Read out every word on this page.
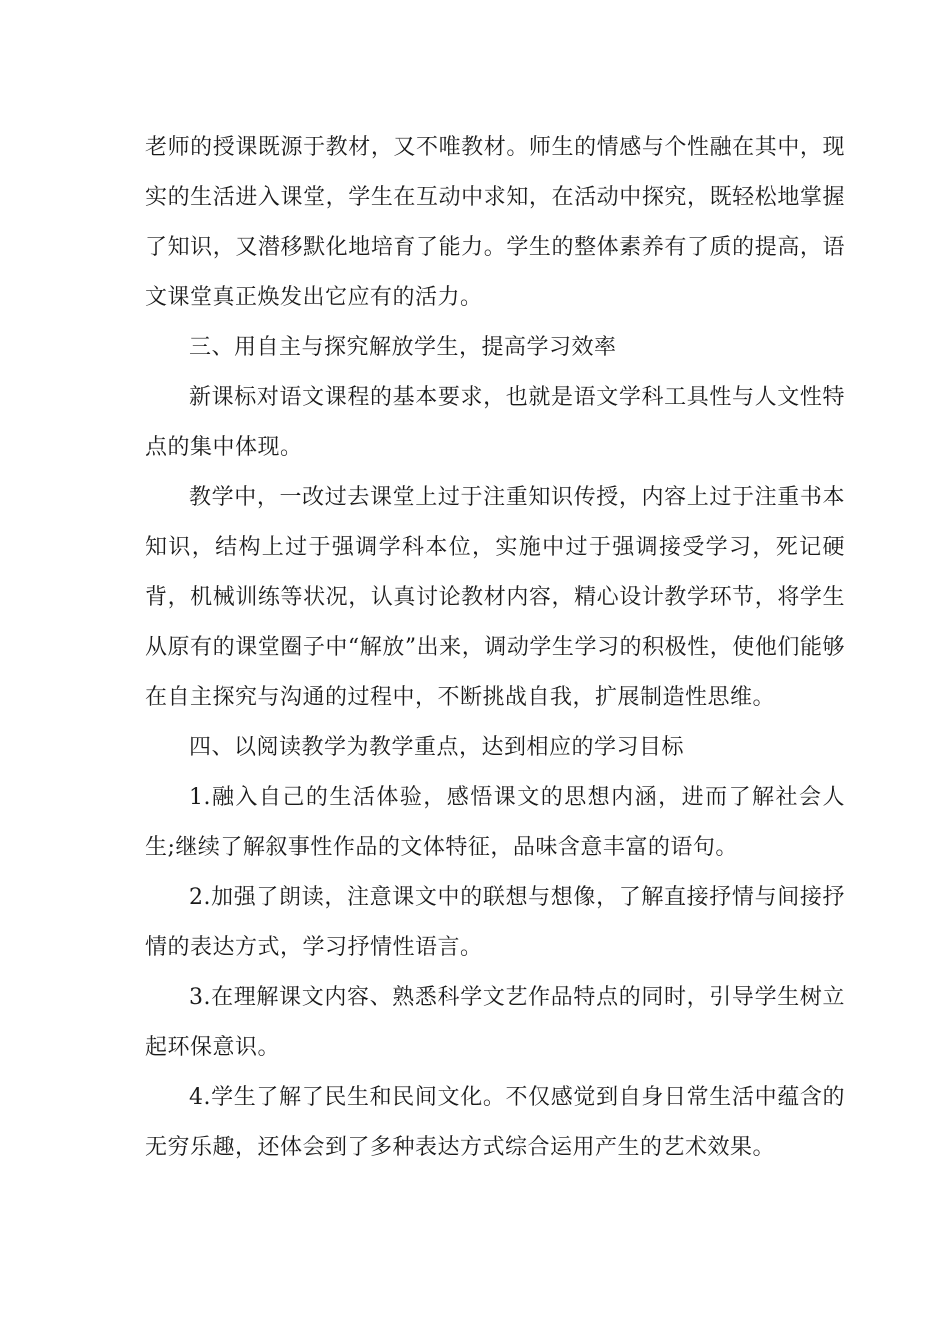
老师的授课既源于教材，又不唯教材。师生的情感与个性融在其中，现实的生活进入课堂，学生在互动中求知，在活动中探究，既轻松地掌握了知识，又潜移默化地培育了能力。学生的整体素养有了质的提高，语文课堂真正焕发出它应有的活力。

三、用自主与探究解放学生，提高学习效率

新课标对语文课程的基本要求，也就是语文学科工具性与人文性特点的集中体现。

教学中，一改过去课堂上过于注重知识传授，内容上过于注重书本知识，结构上过于强调学科本位，实施中过于强调接受学习，死记硬背，机械训练等状况，认真讨论教材内容，精心设计教学环节，将学生从原有的课堂圈子中“解放”出来，调动学生学习的积极性，使他们能够在自主探究与沟通的过程中，不断挑战自我，扩展制造性思维。

四、以阅读教学为教学重点，达到相应的学习目标

1.融入自己的生活体验，感悟课文的思想内涵，进而了解社会人生;继续了解叙事性作品的文体特征，品味含意丰富的语句。

2.加强了朗读，注意课文中的联想与想像，了解直接抒情与间接抒情的表达方式，学习抒情性语言。

3.在理解课文内容、熟悉科学文艺作品特点的同时，引导学生树立起环保意识。

4.学生了解了民生和民间文化。不仅感觉到自身日常生活中蕴含的无穷乐趣，还体会到了多种表达方式综合运用产生的艺术效果。
